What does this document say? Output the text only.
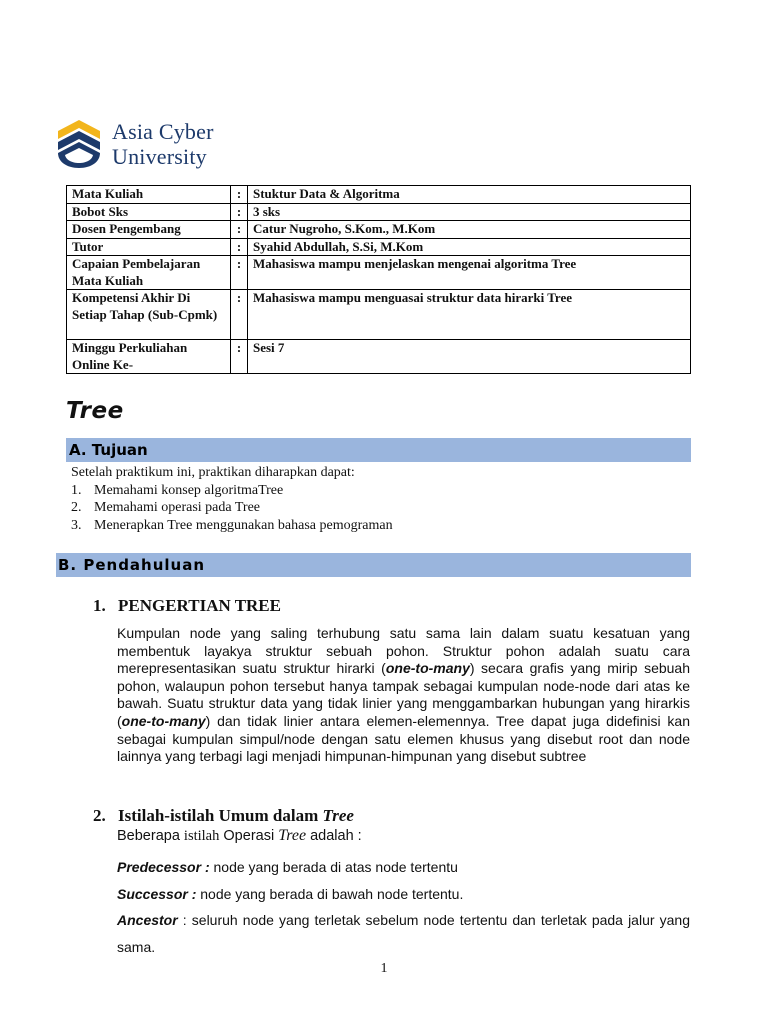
Asia Cyber
University
Mata Kuliah	:	Stuktur Data & Algoritma
Bobot Sks	:	3 sks
Dosen Pengembang	:	Catur Nugroho, S.Kom., M.Kom
Tutor	:	Syahid Abdullah, S.Si, M.Kom
Capaian Pembelajaran Mata Kuliah	:	Mahasiswa mampu menjelaskan mengenai algoritma Tree
Kompetensi Akhir Di Setiap Tahap (Sub-Cpmk)	:	Mahasiswa mampu menguasai struktur data hirarki Tree
Minggu Perkuliahan Online Ke-	:	Sesi 7
Tree
A. Tujuan
Setelah praktikum ini, praktikan diharapkan dapat:
1. Memahami konsep algoritmaTree
2. Memahami operasi pada Tree
3. Menerapkan Tree menggunakan bahasa pemograman
B. Pendahuluan
1. PENGERTIAN TREE

Kumpulan node yang saling terhubung satu sama lain dalam suatu kesatuan yang membentuk layakya struktur sebuah pohon. Struktur pohon adalah suatu cara merepresentasikan suatu struktur hirarki (one-to-many) secara grafis yang mirip sebuah pohon, walaupun pohon tersebut hanya tampak sebagai kumpulan node-node dari atas ke bawah. Suatu struktur data yang tidak linier yang menggambarkan hubungan yang hirarkis (one-to-many) dan tidak linier antara elemen-elemennya. Tree dapat juga didefinisi kan sebagai kumpulan simpul/node dengan satu elemen khusus yang disebut root dan node lainnya yang terbagi lagi menjadi himpunan-himpunan yang disebut subtree

2. Istilah-istilah Umum dalam Tree
Beberapa istilah Operasi Tree adalah :

Predecessor : node yang berada di atas node tertentu

Successor : node yang berada di bawah node tertentu.

Ancestor : seluruh node yang terletak sebelum node tertentu dan terletak pada jalur yang sama.

1
